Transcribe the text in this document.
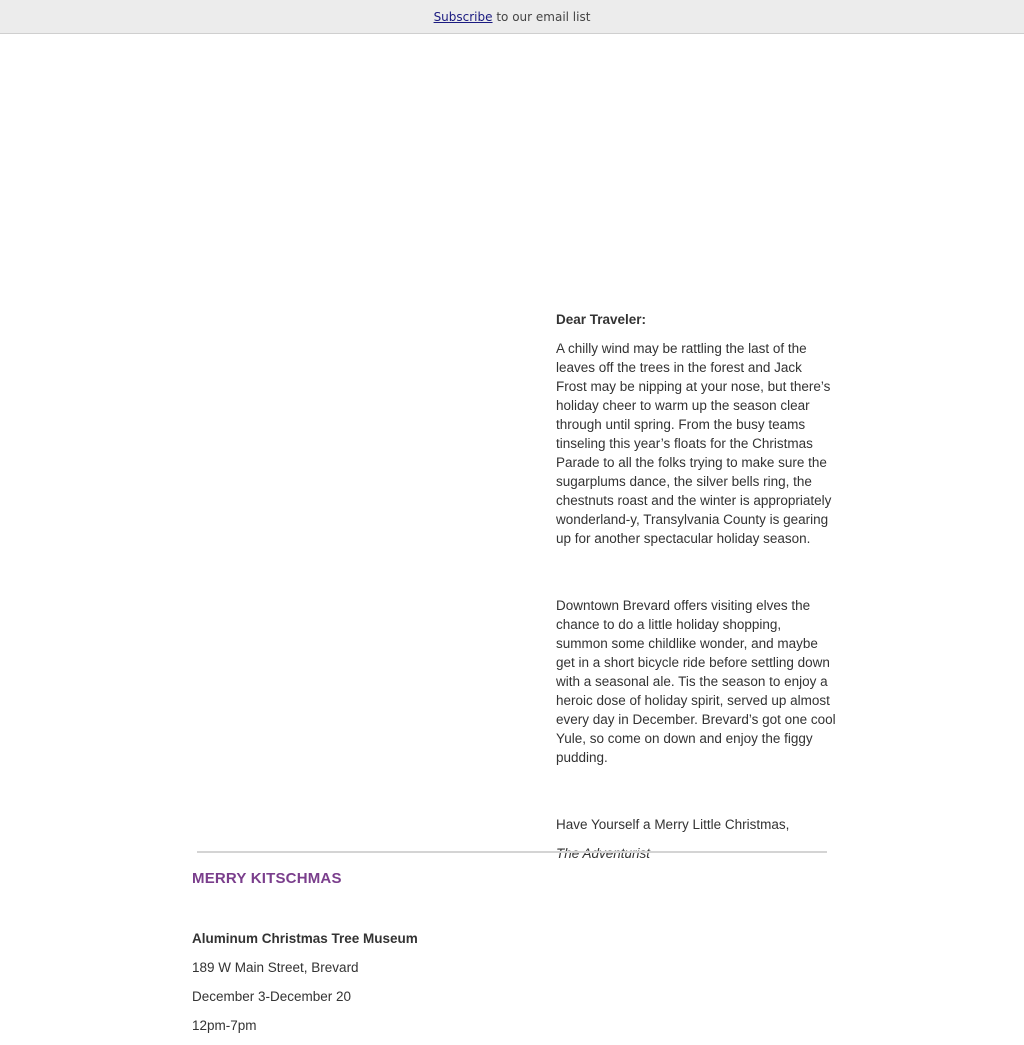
Subscribe to our email list

Dear Traveler:

A chilly wind may be rattling the last of the leaves off the trees in the forest and Jack Frost may be nipping at your nose, but there’s holiday cheer to warm up the season clear through until spring. From the busy teams tinseling this year’s floats for the Christmas Parade to all the folks trying to make sure the sugarplums dance, the silver bells ring, the chestnuts roast and the winter is appropriately wonderland-y, Transylvania County is gearing up for another spectacular holiday season.

Downtown Brevard offers visiting elves the chance to do a little holiday shopping, summon some childlike wonder, and maybe get in a short bicycle ride before settling down with a seasonal ale. Tis the season to enjoy a heroic dose of holiday spirit, served up almost every day in December. Brevard’s got one cool Yule, so come on down and enjoy the figgy pudding.

Have Yourself a Merry Little Christmas,

The Adventurist

MERRY KITSCHMAS

Aluminum Christmas Tree Museum

189 W Main Street, Brevard

December 3-December 20

12pm-7pm
